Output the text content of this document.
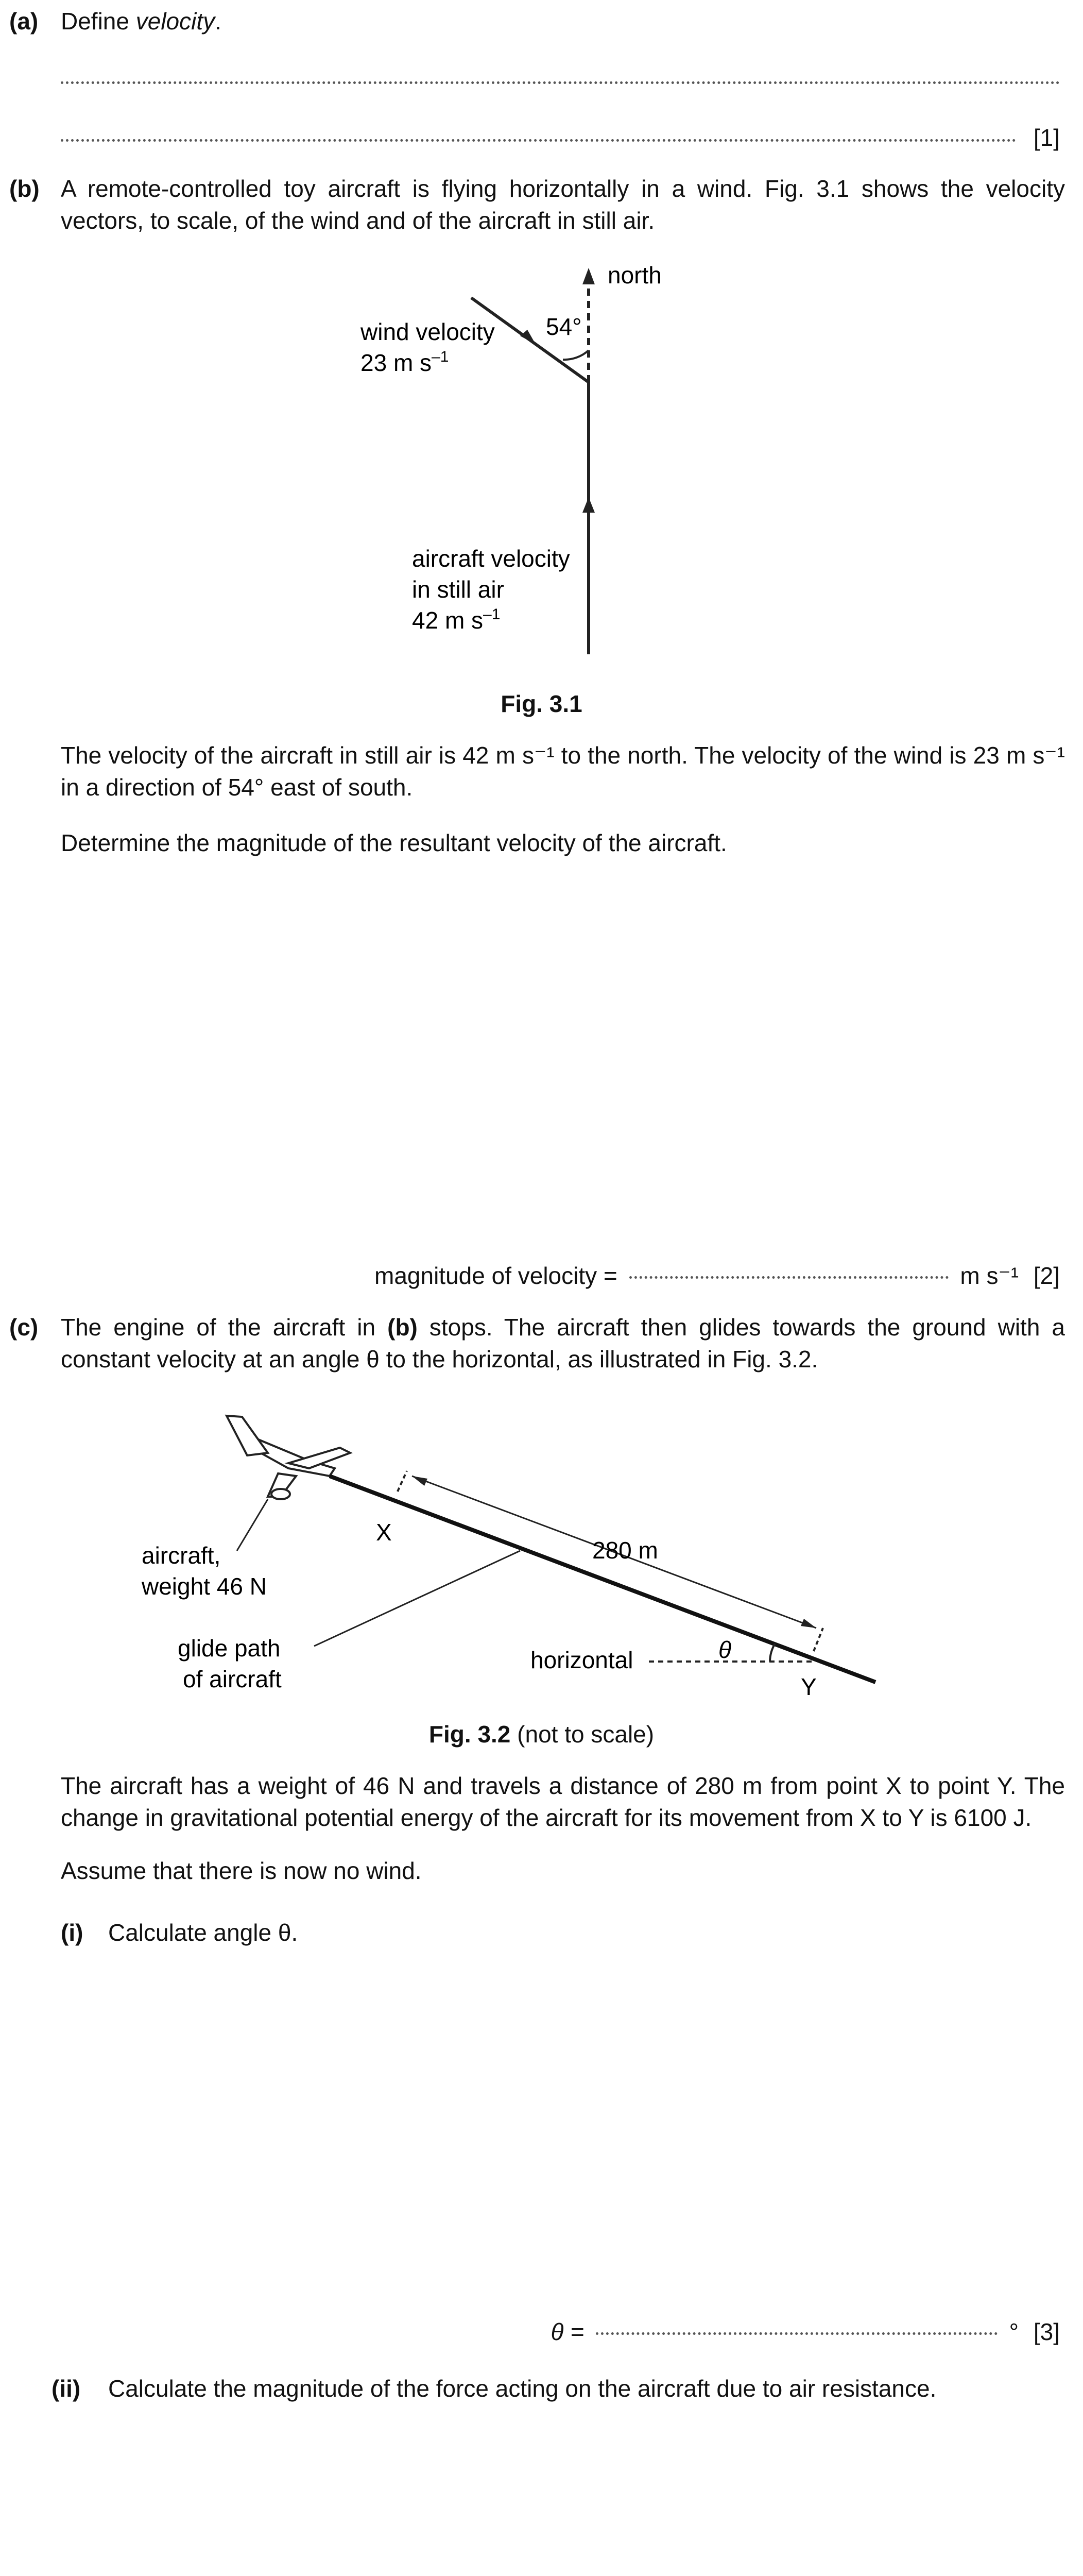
(a) Define velocity.
[1]
(b) A remote-controlled toy aircraft is flying horizontally in a wind. Fig. 3.1 shows the velocity vectors, to scale, of the wind and of the aircraft in still air.
north
54°
wind velocity
23 m $s^{-1}$
aircraft velocity
in still air
42 m $s^{-1}$
Fig. 3.1
The velocity of the aircraft in still air is 42 m s⁻¹ to the north. The velocity of the wind is 23 m s⁻¹ in a direction of 54° east of south.
Determine the magnitude of the resultant velocity of the aircraft.
magnitude of velocity =	m s⁻¹ [2]
(c) The engine of the aircraft in (b) stops. The aircraft then glides towards the ground with a constant velocity at an angle θ to the horizontal, as illustrated in Fig. 3.2.
280 m
X
Y
horizontal	θ
aircraft,
weight 46 N
glide path
of aircraft
Fig. 3.2 (not to scale)
The aircraft has a weight of 46 N and travels a distance of 280 m from point X to point Y. The change in gravitational potential energy of the aircraft for its movement from X to Y is 6100 J.
Assume that there is now no wind.
(i) Calculate angle θ.
θ =	° [3]
(ii) Calculate the magnitude of the force acting on the aircraft due to air resistance.
